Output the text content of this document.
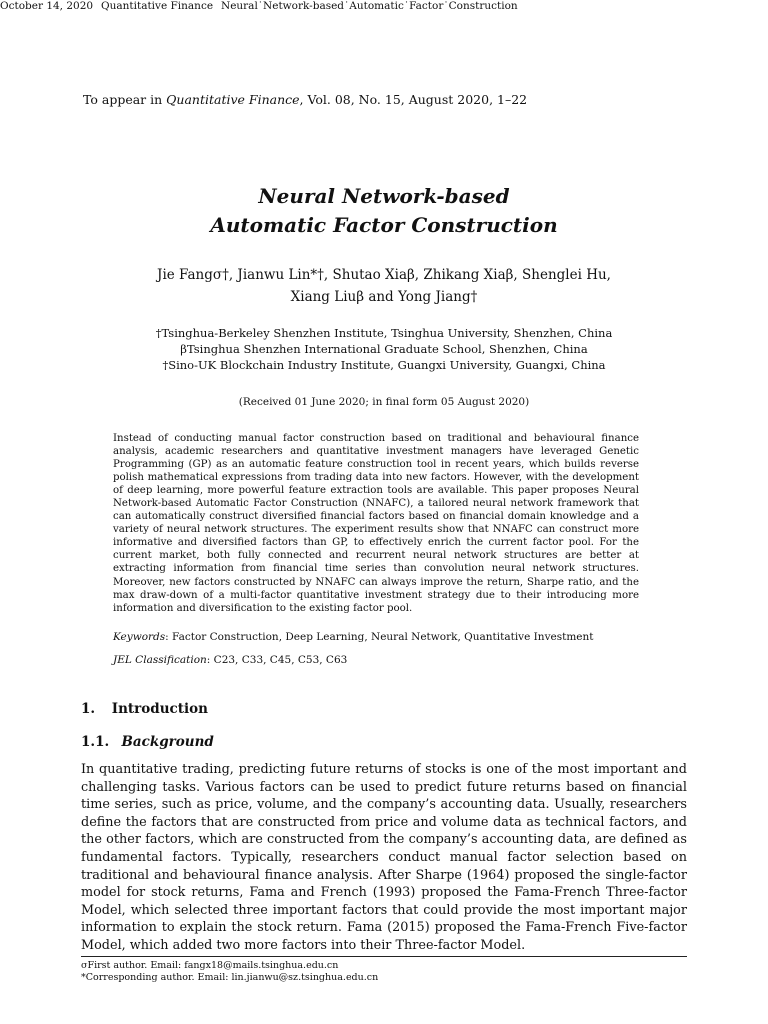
October 14, 2020 Quantitative Finance Neural˙Network-based˙Automatic˙Factor˙Construction
To appear in Quantitative Finance, Vol. 08, No. 15, August 2020, 1–22
Neural Network-based
Automatic Factor Construction
Jie Fangσ†, Jianwu Lin*†, Shutao Xiaβ, Zhikang Xiaβ, Shenglei Hu,
Xiang Liuβ and Yong Jiang†
†Tsinghua-Berkeley Shenzhen Institute, Tsinghua University, Shenzhen, China
βTsinghua Shenzhen International Graduate School, Shenzhen, China
†Sino-UK Blockchain Industry Institute, Guangxi University, Guangxi, China
(Received 01 June 2020; in final form 05 August 2020)
Instead of conducting manual factor construction based on traditional and behavioural finance analysis, academic researchers and quantitative investment managers have leveraged Genetic Programming (GP) as an automatic feature construction tool in recent years, which builds reverse polish mathematical expressions from trading data into new factors. However, with the development of deep learning, more powerful feature extraction tools are available. This paper proposes Neural Network-based Automatic Factor Construction (NNAFC), a tailored neural network framework that can automatically construct diversified financial factors based on financial domain knowledge and a variety of neural network structures. The experiment results show that NNAFC can construct more informative and diversified factors than GP, to effectively enrich the current factor pool. For the current market, both fully connected and recurrent neural network structures are better at extracting information from financial time series than convolution neural network structures. Moreover, new factors constructed by NNAFC can always improve the return, Sharpe ratio, and the max draw-down of a multi-factor quantitative investment strategy due to their introducing more information and diversification to the existing factor pool.
Keywords: Factor Construction, Deep Learning, Neural Network, Quantitative Investment
JEL Classification: C23, C33, C45, C53, C63
1. Introduction
1.1. Background
In quantitative trading, predicting future returns of stocks is one of the most important and challenging tasks. Various factors can be used to predict future returns based on financial time series, such as price, volume, and the company’s accounting data. Usually, researchers define the factors that are constructed from price and volume data as technical factors, and the other factors, which are constructed from the company’s accounting data, are defined as fundamental factors. Typically, researchers conduct manual factor selection based on traditional and behavioural finance analysis. After Sharpe (1964) proposed the single-factor model for stock returns, Fama and French (1993) proposed the Fama-French Three-factor Model, which selected three important factors that could provide the most important major information to explain the stock return. Fama (2015) proposed the Fama-French Five-factor Model, which added two more factors into their Three-factor Model.
σFirst author. Email: fangx18@mails.tsinghua.edu.cn
*Corresponding author. Email: lin.jianwu@sz.tsinghua.edu.cn
